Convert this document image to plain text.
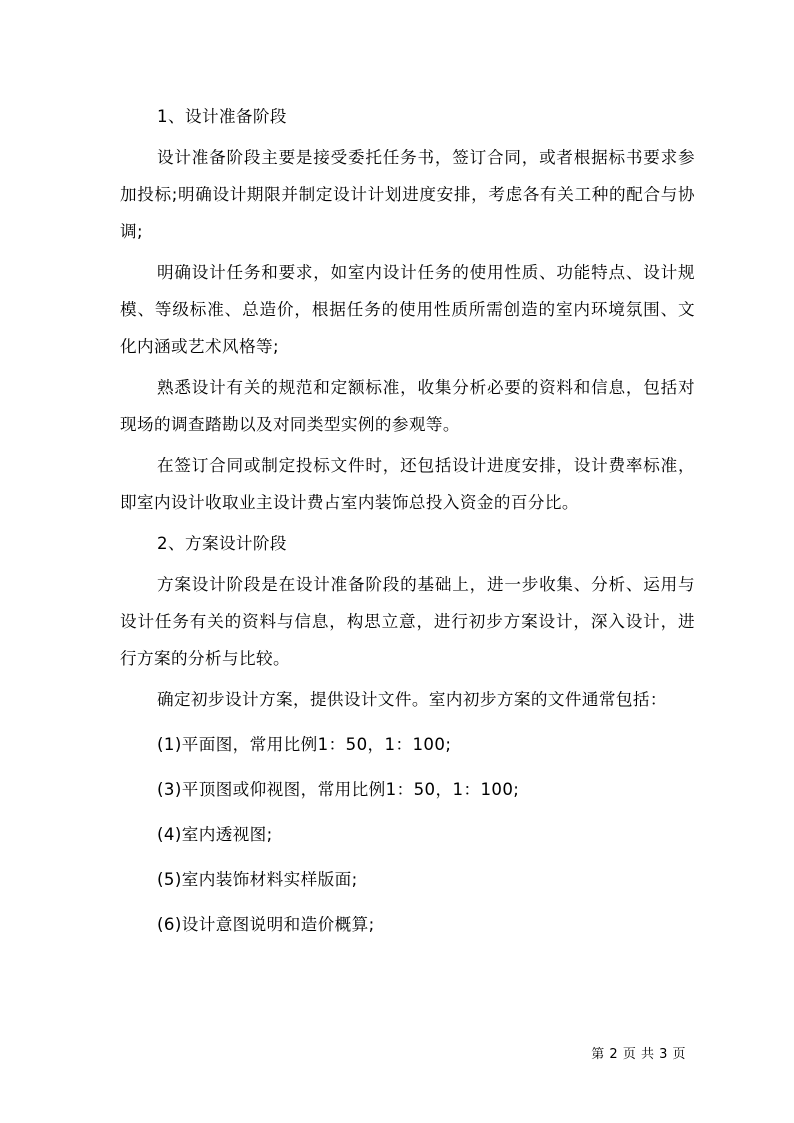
1、设计准备阶段

设计准备阶段主要是接受委托任务书，签订合同，或者根据标书要求参加投标;明确设计期限并制定设计计划进度安排，考虑各有关工种的配合与协调;

明确设计任务和要求，如室内设计任务的使用性质、功能特点、设计规模、等级标准、总造价，根据任务的使用性质所需创造的室内环境氛围、文化内涵或艺术风格等;

熟悉设计有关的规范和定额标准，收集分析必要的资料和信息，包括对现场的调查踏勘以及对同类型实例的参观等。

在签订合同或制定投标文件时，还包括设计进度安排，设计费率标准，即室内设计收取业主设计费占室内装饰总投入资金的百分比。

2、方案设计阶段

方案设计阶段是在设计准备阶段的基础上，进一步收集、分析、运用与设计任务有关的资料与信息，构思立意，进行初步方案设计，深入设计，进行方案的分析与比较。

确定初步设计方案，提供设计文件。室内初步方案的文件通常包括：

(1)平面图，常用比例1：50，1：100;

(3)平顶图或仰视图，常用比例1：50，1：100;

(4)室内透视图;

(5)室内装饰材料实样版面;

(6)设计意图说明和造价概算;

第 2 页 共 3 页
